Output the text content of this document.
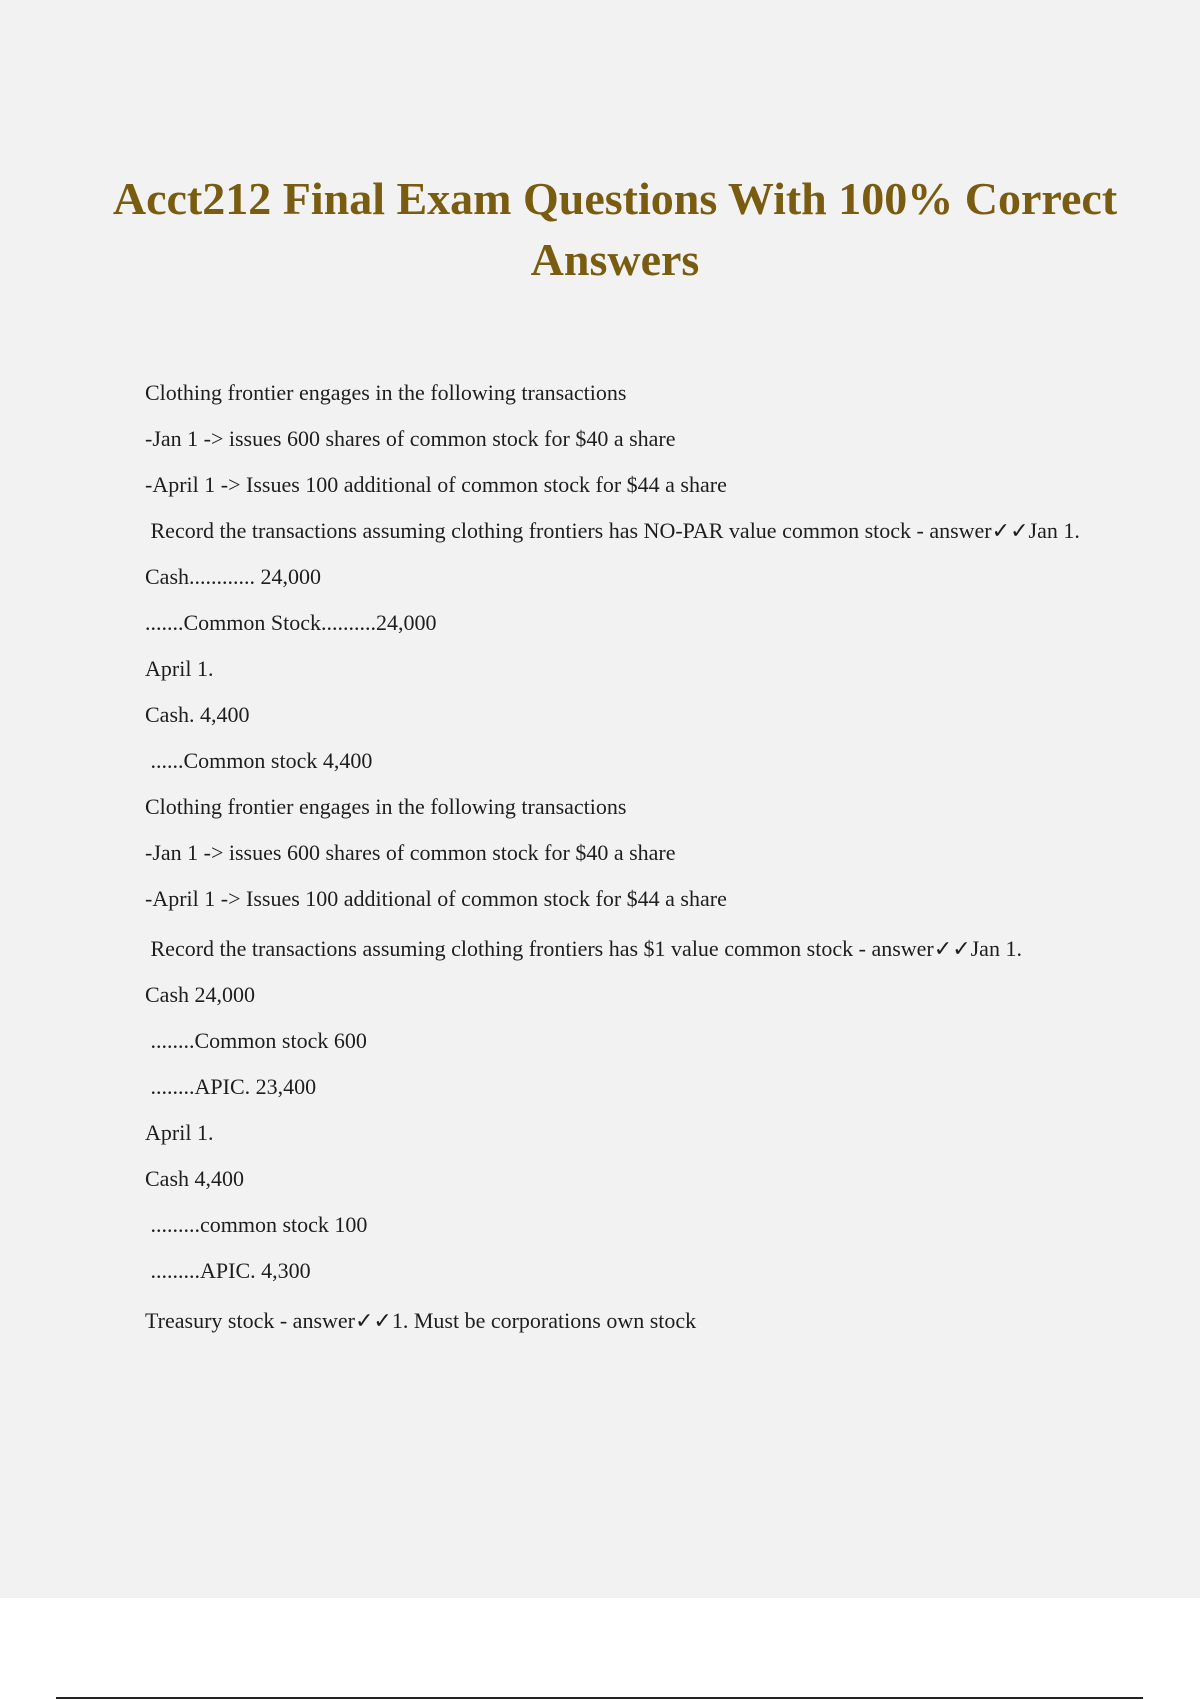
Acct212 Final Exam Questions With 100% Correct Answers

Clothing frontier engages in the following transactions

-Jan 1 -> issues 600 shares of common stock for $40 a share

-April 1 -> Issues 100 additional of common stock for $44 a share

Record the transactions assuming clothing frontiers has NO-PAR value common stock - answer✓✓Jan 1.

Cash............ 24,000

.......Common Stock..........24,000

April 1.

Cash. 4,400

......Common stock 4,400

Clothing frontier engages in the following transactions

-Jan 1 -> issues 600 shares of common stock for $40 a share

-April 1 -> Issues 100 additional of common stock for $44 a share

Record the transactions assuming clothing frontiers has $1 value common stock - answer✓✓Jan 1.

Cash 24,000

........Common stock 600

........APIC. 23,400

April 1.

Cash 4,400

.........common stock 100

.........APIC. 4,300

Treasury stock - answer✓✓1. Must be corporations own stock
